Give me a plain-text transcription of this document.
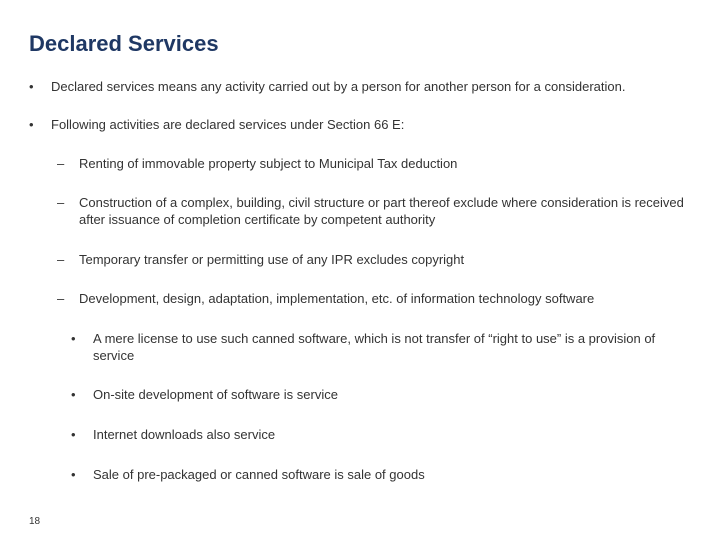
Declared Services
• Declared services means any activity carried out by a person for another person for a consideration.
• Following activities are declared services under Section 66 E:
– Renting of immovable property subject to Municipal Tax deduction
– Construction of a complex, building, civil structure or part thereof exclude where consideration is received after issuance of completion certificate by competent authority
– Temporary transfer or permitting use of any IPR excludes copyright
– Development, design, adaptation, implementation, etc. of information technology software
• A mere license to use such canned software, which is not transfer of “right to use” is a provision of service
• On-site development of software is service
• Internet downloads also service
• Sale of pre-packaged or canned software is sale of goods
18
